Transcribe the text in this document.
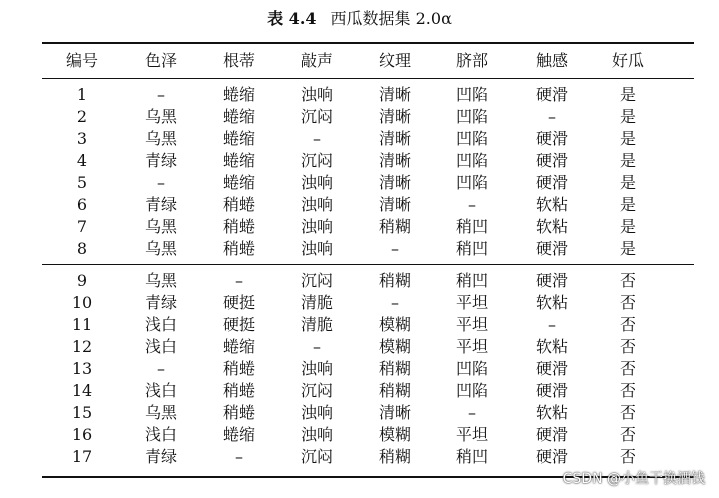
表 4.4 西瓜数据集 2.0α
编号	色泽	根蒂	敲声	纹理	脐部	触感	好瓜
1	–	蜷缩	浊响	清晰	凹陷	硬滑	是
2	乌黑	蜷缩	沉闷	清晰	凹陷	–	是
3	乌黑	蜷缩	–	清晰	凹陷	硬滑	是
4	青绿	蜷缩	沉闷	清晰	凹陷	硬滑	是
5	–	蜷缩	浊响	清晰	凹陷	硬滑	是
6	青绿	稍蜷	浊响	清晰	–	软粘	是
7	乌黑	稍蜷	浊响	稍糊	稍凹	软粘	是
8	乌黑	稍蜷	浊响	–	稍凹	硬滑	是
9	乌黑	–	沉闷	稍糊	稍凹	硬滑	否
10	青绿	硬挺	清脆	–	平坦	软粘	否
11	浅白	硬挺	清脆	模糊	平坦	–	否
12	浅白	蜷缩	–	模糊	平坦	软粘	否
13	–	稍蜷	浊响	稍糊	凹陷	硬滑	否
14	浅白	稍蜷	沉闷	稍糊	凹陷	硬滑	否
15	乌黑	稍蜷	浊响	清晰	–	软粘	否
16	浅白	蜷缩	浊响	模糊	平坦	硬滑	否
17	青绿	–	沉闷	稍糊	稍凹	硬滑	否
CSDN @小鱼干换酒钱
